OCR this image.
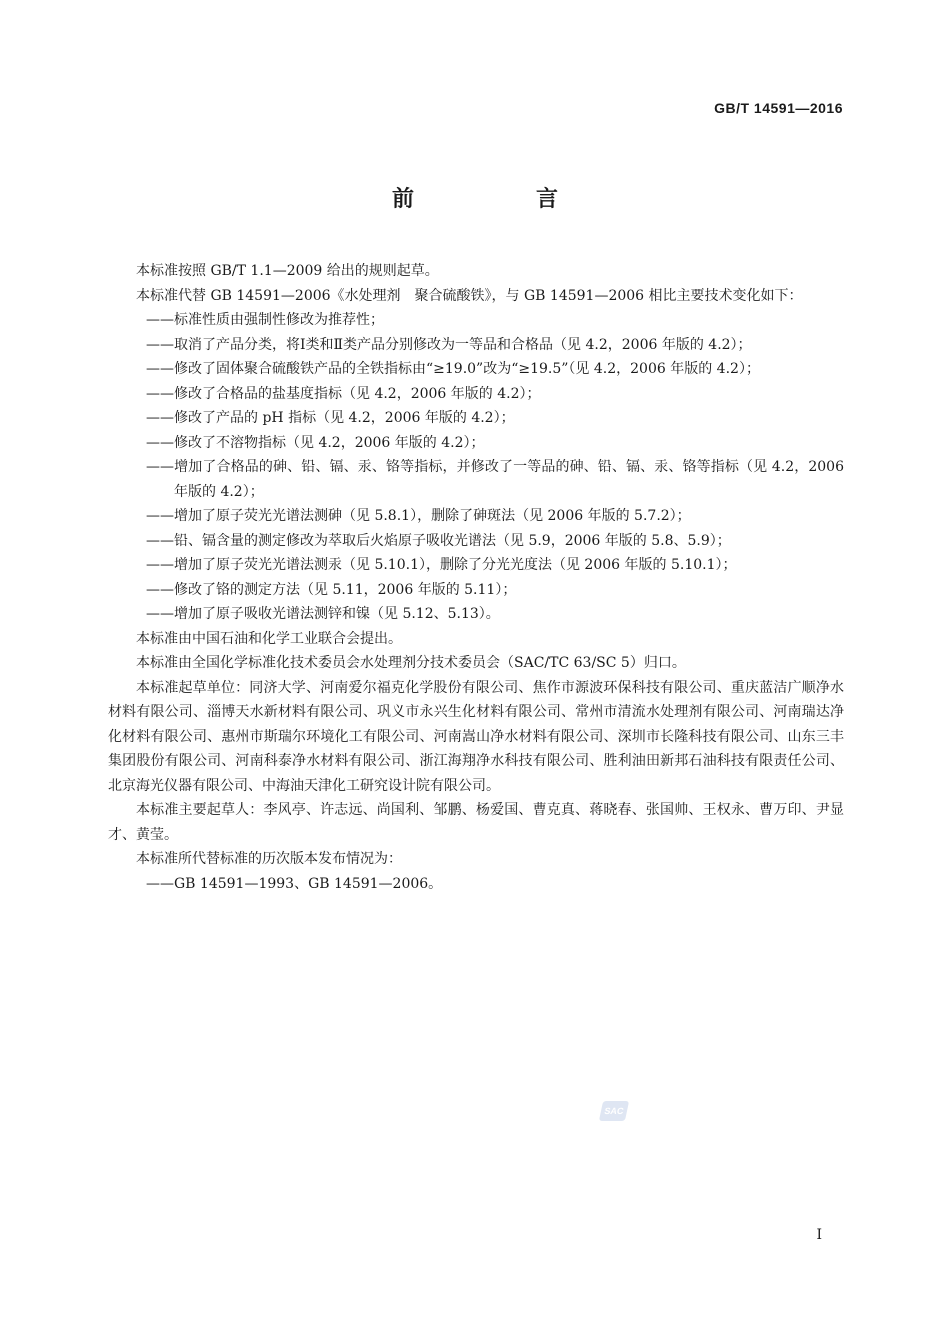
GB/T 14591—2016
前　言

本标准按照 GB/T 1.1—2009 给出的规则起草。

本标准代替 GB 14591—2006《水处理剂　聚合硫酸铁》，与 GB 14591—2006 相比主要技术变化如下：

——标准性质由强制性修改为推荐性；

——取消了产品分类，将Ⅰ类和Ⅱ类产品分别修改为一等品和合格品（见 4.2，2006 年版的 4.2）；

——修改了固体聚合硫酸铁产品的全铁指标由“≥19.0”改为“≥19.5”（见 4.2，2006 年版的 4.2）；

——修改了合格品的盐基度指标（见 4.2，2006 年版的 4.2）；

——修改了产品的 pH 指标（见 4.2，2006 年版的 4.2）；

——修改了不溶物指标（见 4.2，2006 年版的 4.2）；

——增加了合格品的砷、铅、镉、汞、铬等指标，并修改了一等品的砷、铅、镉、汞、铬等指标（见 4.2，2006 年版的 4.2）；

——增加了原子荧光光谱法测砷（见 5.8.1），删除了砷斑法（见 2006 年版的 5.7.2）；

——铅、镉含量的测定修改为萃取后火焰原子吸收光谱法（见 5.9，2006 年版的 5.8、5.9）；

——增加了原子荧光光谱法测汞（见 5.10.1），删除了分光光度法（见 2006 年版的 5.10.1）；

——修改了铬的测定方法（见 5.11，2006 年版的 5.11）；

——增加了原子吸收光谱法测锌和镍（见 5.12、5.13）。

本标准由中国石油和化学工业联合会提出。

本标准由全国化学标准化技术委员会水处理剂分技术委员会（SAC/TC 63/SC 5）归口。

本标准起草单位：同济大学、河南爱尔福克化学股份有限公司、焦作市源波环保科技有限公司、重庆蓝洁广顺净水材料有限公司、淄博天水新材料有限公司、巩义市永兴生化材料有限公司、常州市清流水处理剂有限公司、河南瑞达净化材料有限公司、惠州市斯瑞尔环境化工有限公司、河南嵩山净水材料有限公司、深圳市长隆科技有限公司、山东三丰集团股份有限公司、河南科泰净水材料有限公司、浙江海翔净水科技有限公司、胜利油田新邦石油科技有限责任公司、北京海光仪器有限公司、中海油天津化工研究设计院有限公司。

本标准主要起草人：李风亭、许志远、尚国利、邹鹏、杨爱国、曹克真、蒋晓春、张国帅、王权永、曹万印、尹显才、黄莹。

本标准所代替标准的历次版本发布情况为：

——GB 14591—1993、GB 14591—2006。

SAC
I
